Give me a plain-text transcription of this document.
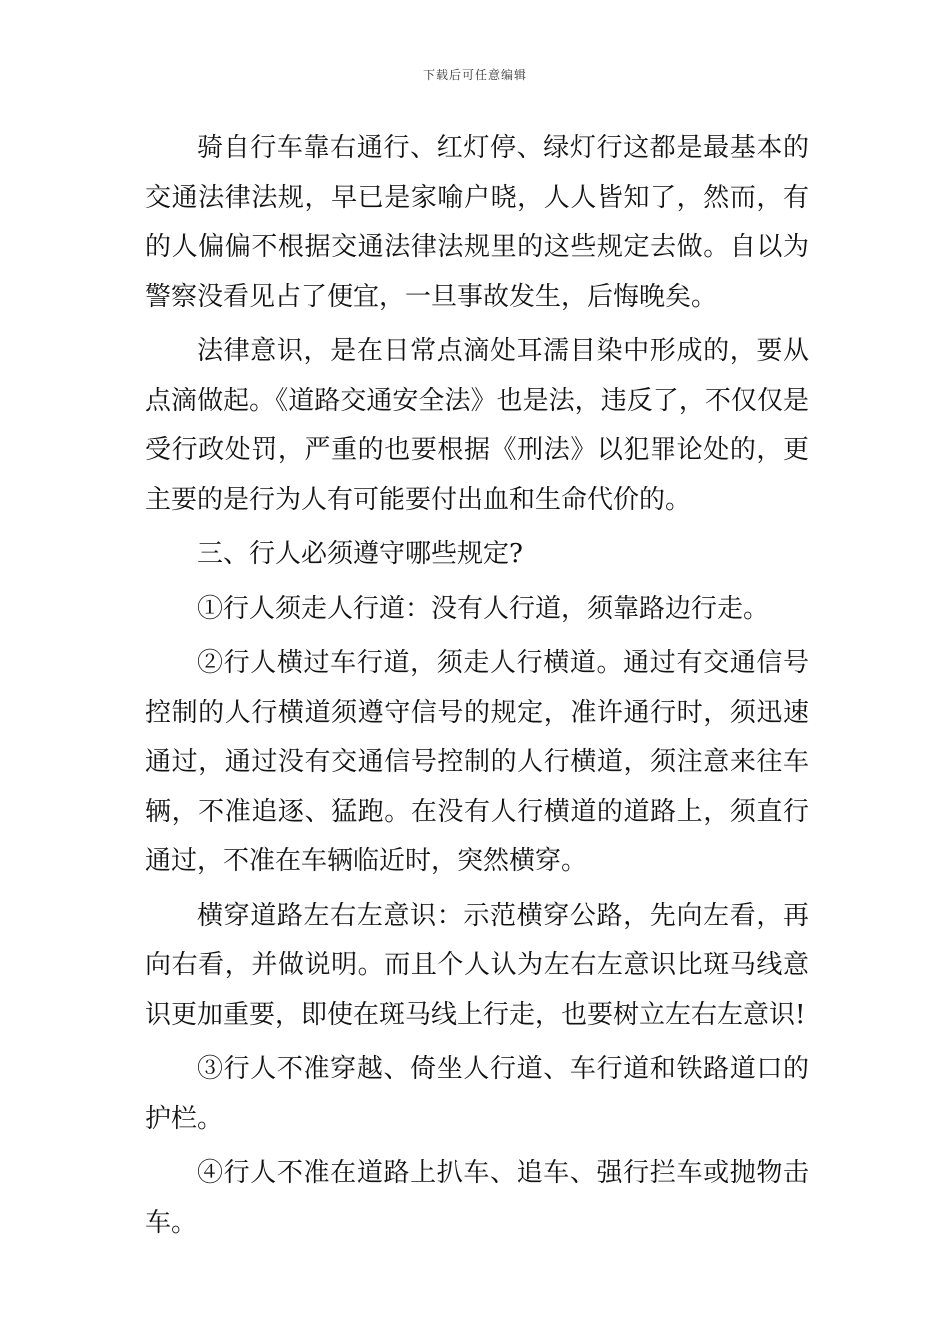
下载后可任意编辑

骑自行车靠右通行、红灯停、绿灯行这都是最基本的交通法律法规，早已是家喻户晓，人人皆知了，然而，有的人偏偏不根据交通法律法规里的这些规定去做。自以为警察没看见占了便宜，一旦事故发生，后悔晚矣。

法律意识，是在日常点滴处耳濡目染中形成的，要从点滴做起。《道路交通安全法》也是法，违反了，不仅仅是受行政处罚，严重的也要根据《刑法》以犯罪论处的，更主要的是行为人有可能要付出血和生命代价的。

三、行人必须遵守哪些规定?

①行人须走人行道：没有人行道，须靠路边行走。

②行人横过车行道，须走人行横道。通过有交通信号控制的人行横道须遵守信号的规定，准许通行时，须迅速通过，通过没有交通信号控制的人行横道，须注意来往车辆，不准追逐、猛跑。在没有人行横道的道路上，须直行通过，不准在车辆临近时，突然横穿。

横穿道路左右左意识：示范横穿公路，先向左看，再向右看，并做说明。而且个人认为左右左意识比斑马线意识更加重要，即使在斑马线上行走，也要树立左右左意识!

③行人不准穿越、倚坐人行道、车行道和铁路道口的护栏。

④行人不准在道路上扒车、追车、强行拦车或抛物击车。
